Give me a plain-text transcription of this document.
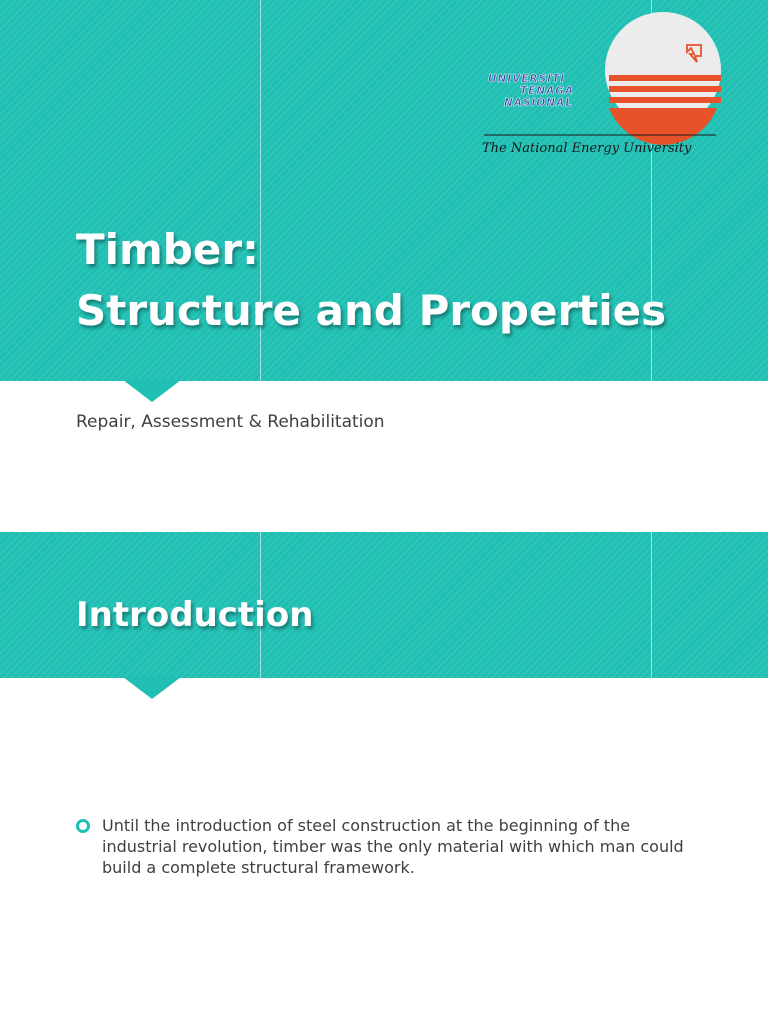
UNIVERSITI
TENAGA
NASIONAL

The National Energy University

Timber:
Structure and Properties

Repair, Assessment & Rehabilitation

Introduction

Until the introduction of steel construction at the beginning of the industrial revolution, timber was the only material with which man could build a complete structural framework.
